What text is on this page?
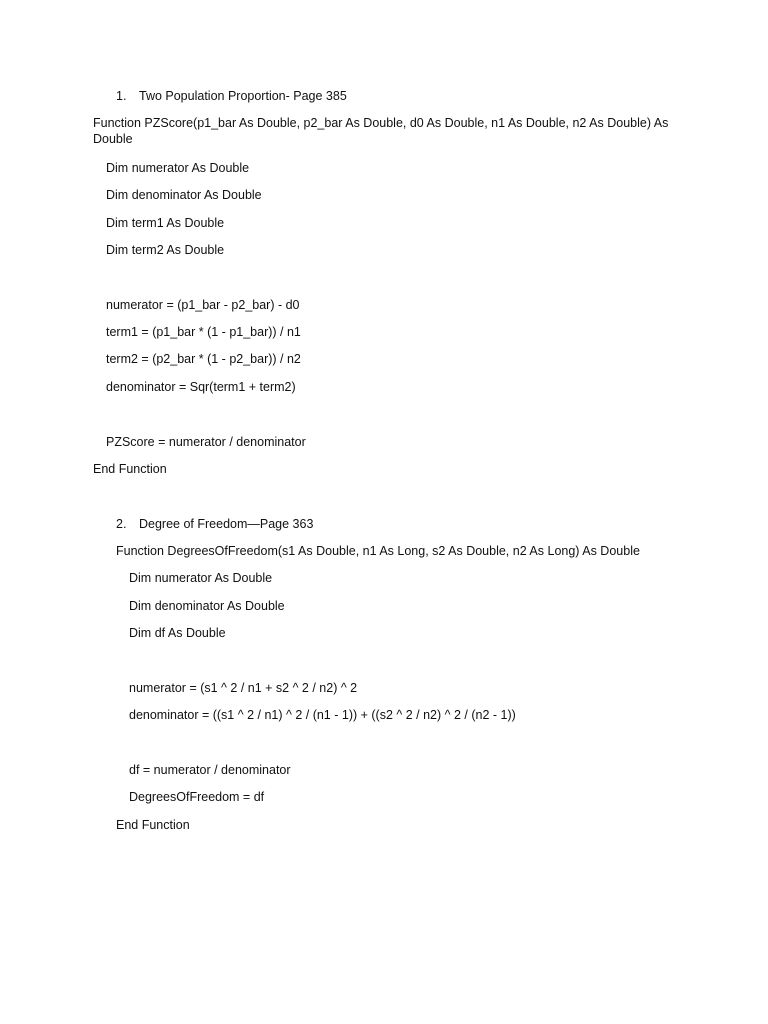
1. Two Population Proportion- Page 385
Function PZScore(p1_bar As Double, p2_bar As Double, d0 As Double, n1 As Double, n2 As Double) As Double
Dim numerator As Double
Dim denominator As Double
Dim term1 As Double
Dim term2 As Double
numerator = (p1_bar - p2_bar) - d0
term1 = (p1_bar * (1 - p1_bar)) / n1
term2 = (p2_bar * (1 - p2_bar)) / n2
denominator = Sqr(term1 + term2)
PZScore = numerator / denominator
End Function
2. Degree of Freedom—Page 363
Function DegreesOfFreedom(s1 As Double, n1 As Long, s2 As Double, n2 As Long) As Double
Dim numerator As Double
Dim denominator As Double
Dim df As Double
numerator = (s1 ^ 2 / n1 + s2 ^ 2 / n2) ^ 2
denominator = ((s1 ^ 2 / n1) ^ 2 / (n1 - 1)) + ((s2 ^ 2 / n2) ^ 2 / (n2 - 1))
df = numerator / denominator
DegreesOfFreedom = df
End Function
